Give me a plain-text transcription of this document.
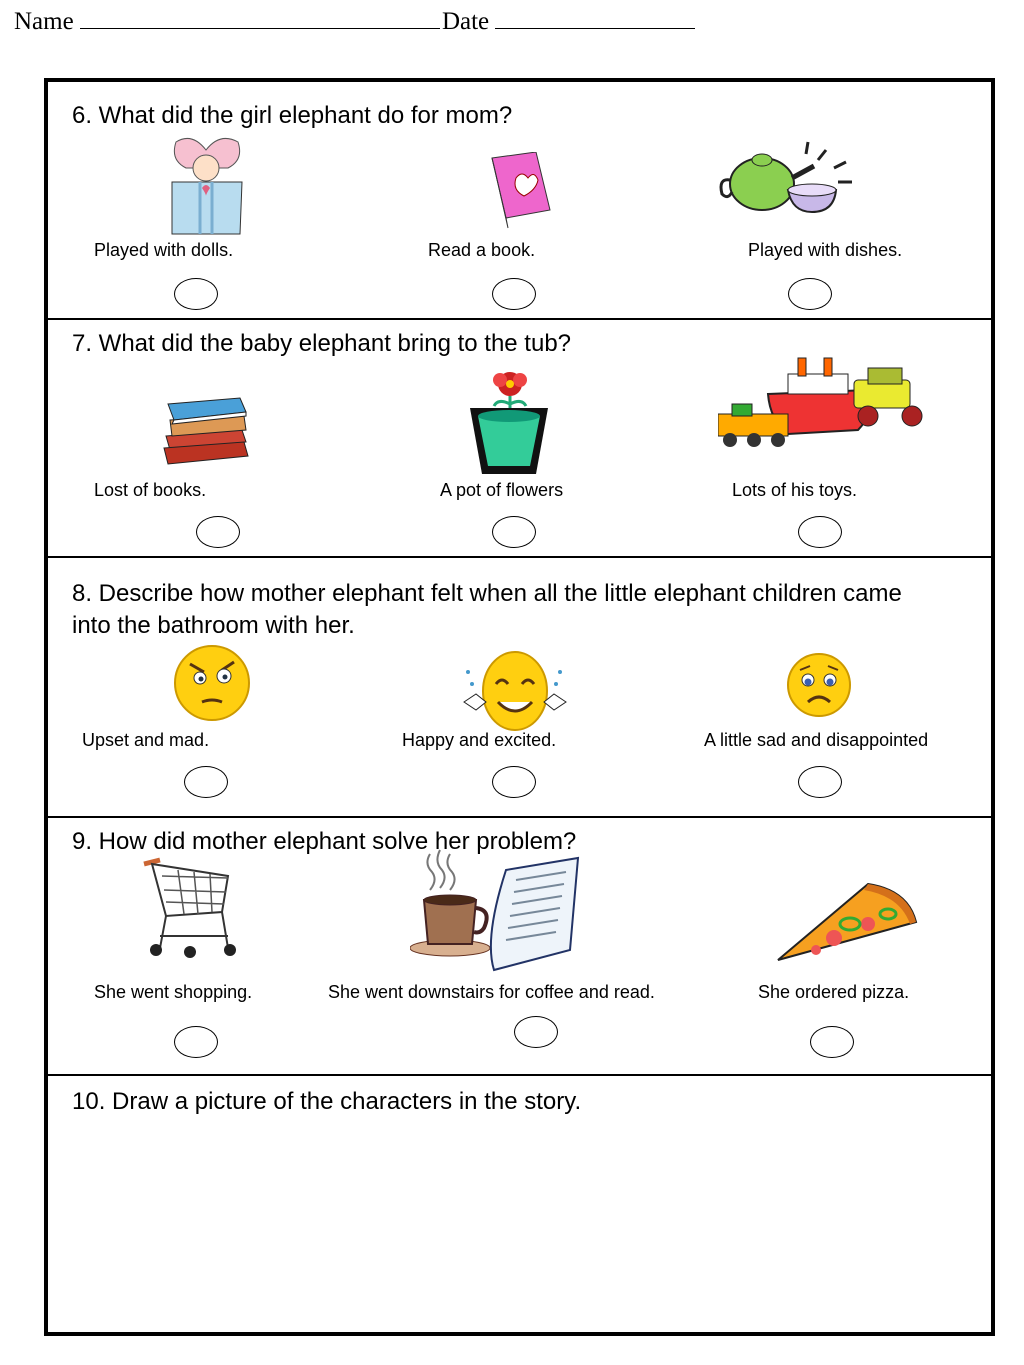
Name	Date
6. What did the girl elephant do for mom?
Played with dolls.	Read a book.	Played with dishes.
7. What did the baby elephant bring to the tub?
Lost of books.	A pot of flowers	Lots of his toys.
8. Describe how mother elephant felt when all the little elephant children came into the bathroom with her.
Upset and mad.	Happy and excited.	A little sad and disappointed
9. How did mother elephant solve her problem?
She went shopping.	She went downstairs for coffee and read.	She ordered pizza.
10. Draw a picture of the characters in the story.
